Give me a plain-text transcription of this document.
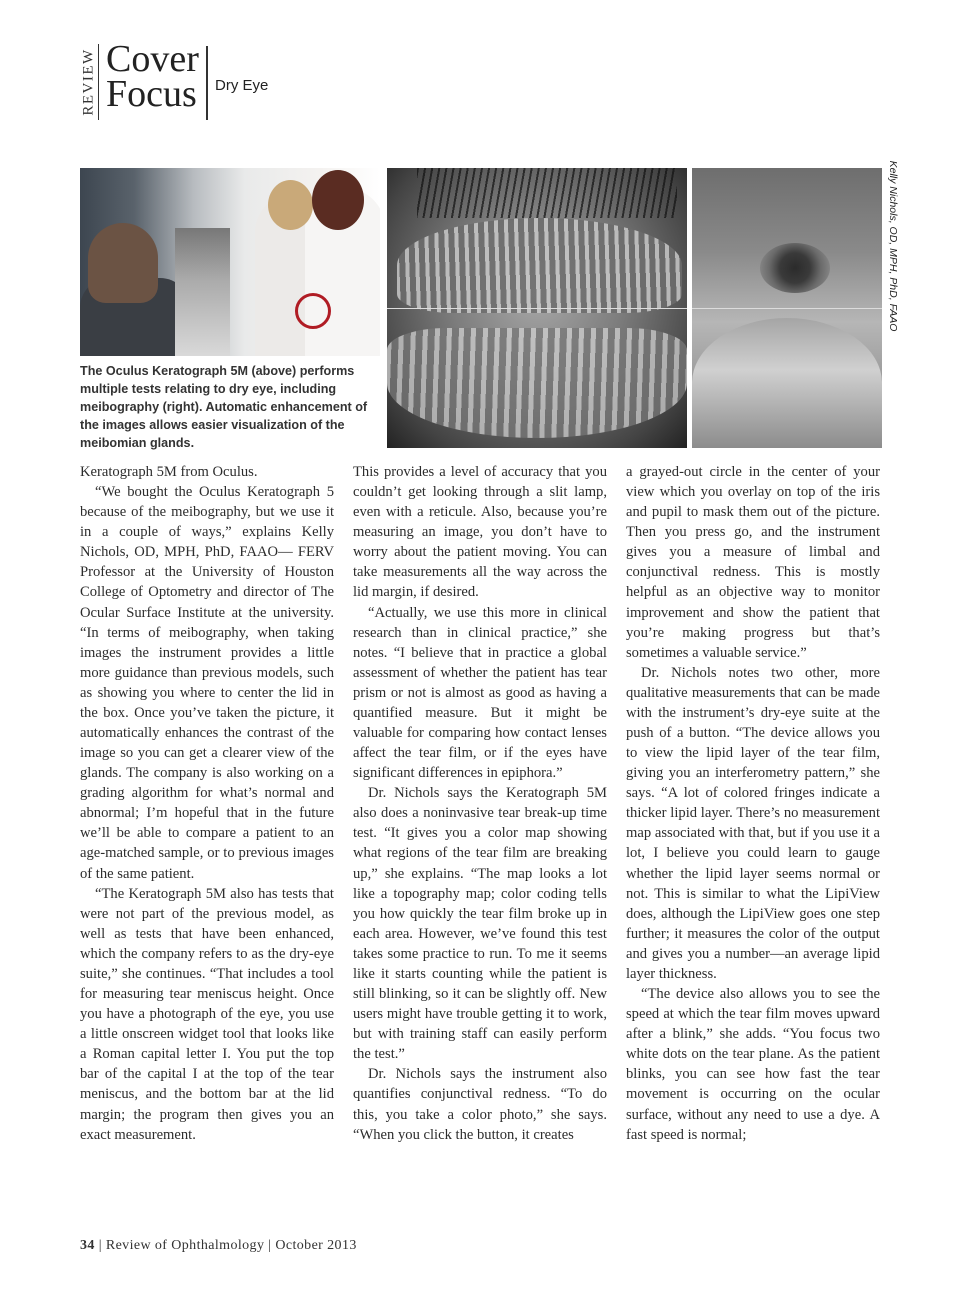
REVIEW Cover
Focus Dry Eye
Kelly Nichols, OD, MPH, PhD, FAAO

The Oculus Keratograph 5M (above) performs multiple tests relating to dry eye, including meibography (right). Automatic enhancement of the images allows easier visualization of the meibomian glands.

Keratograph 5M from Oculus.

“We bought the Oculus Keratograph 5 because of the meibography, but we use it in a couple of ways,” explains Kelly Nichols, OD, MPH, PhD, FAAO— FERV Professor at the University of Houston College of Optometry and director of The Ocular Surface Institute at the university. “In terms of meibography, when taking images the instrument provides a little more guidance than previous models, such as showing you where to center the lid in the box. Once you’ve taken the picture, it automatically enhances the contrast of the image so you can get a clearer view of the glands. The company is also working on a grading algorithm for what’s normal and abnormal; I’m hopeful that in the future we’ll be able to compare a patient to an age-matched sample, or to previous images of the same patient.

“The Keratograph 5M also has tests that were not part of the previous model, as well as tests that have been enhanced, which the company refers to as the dry-eye suite,” she continues. “That includes a tool for measuring tear meniscus height. Once you have a photograph of the eye, you use a little onscreen widget tool that looks like a Roman capital letter I. You put the top bar of the capital I at the top of the tear meniscus, and the bottom bar at the lid margin; the program then gives you an exact measurement.

This provides a level of accuracy that you couldn’t get looking through a slit lamp, even with a reticule. Also, because you’re measuring an image, you don’t have to worry about the patient moving. You can take measurements all the way across the lid margin, if desired.

“Actually, we use this more in clinical research than in clinical practice,” she notes. “I believe that in practice a global assessment of whether the patient has tear prism or not is almost as good as having a quantified measure. But it might be valuable for comparing how contact lenses affect the tear film, or if the eyes have significant differences in epiphora.”

Dr. Nichols says the Keratograph 5M also does a noninvasive tear break-up time test. “It gives you a color map showing what regions of the tear film are breaking up,” she explains. “The map looks a lot like a topography map; color coding tells you how quickly the tear film broke up in each area. However, we’ve found this test takes some practice to run. To me it seems like it starts counting while the patient is still blinking, so it can be slightly off. New users might have trouble getting it to work, but with training staff can easily perform the test.”

Dr. Nichols says the instrument also quantifies conjunctival redness. “To do this, you take a color photo,” she says. “When you click the button, it creates

a grayed-out circle in the center of your view which you overlay on top of the iris and pupil to mask them out of the picture. Then you press go, and the instrument gives you a measure of limbal and conjunctival redness. This is mostly helpful as an objective way to monitor improvement and show the patient that you’re making progress but that’s sometimes a valuable service.”

Dr. Nichols notes two other, more qualitative measurements that can be made with the instrument’s dry-eye suite at the push of a button. “The device allows you to view the lipid layer of the tear film, giving you an interferometry pattern,” she says. “A lot of colored fringes indicate a thicker lipid layer. There’s no measurement map associated with that, but if you use it a lot, I believe you could learn to gauge whether the lipid layer seems normal or not. This is similar to what the LipiView does, although the LipiView goes one step further; it measures the color of the output and gives you a number—an average lipid layer thickness.

“The device also allows you to see the speed at which the tear film moves upward after a blink,” she adds. “You focus two white dots on the tear plane. As the patient blinks, you can see how fast the tear movement is occurring on the ocular surface, without any need to use a dye. A fast speed is normal;

34 | Review of Ophthalmology | October 2013
